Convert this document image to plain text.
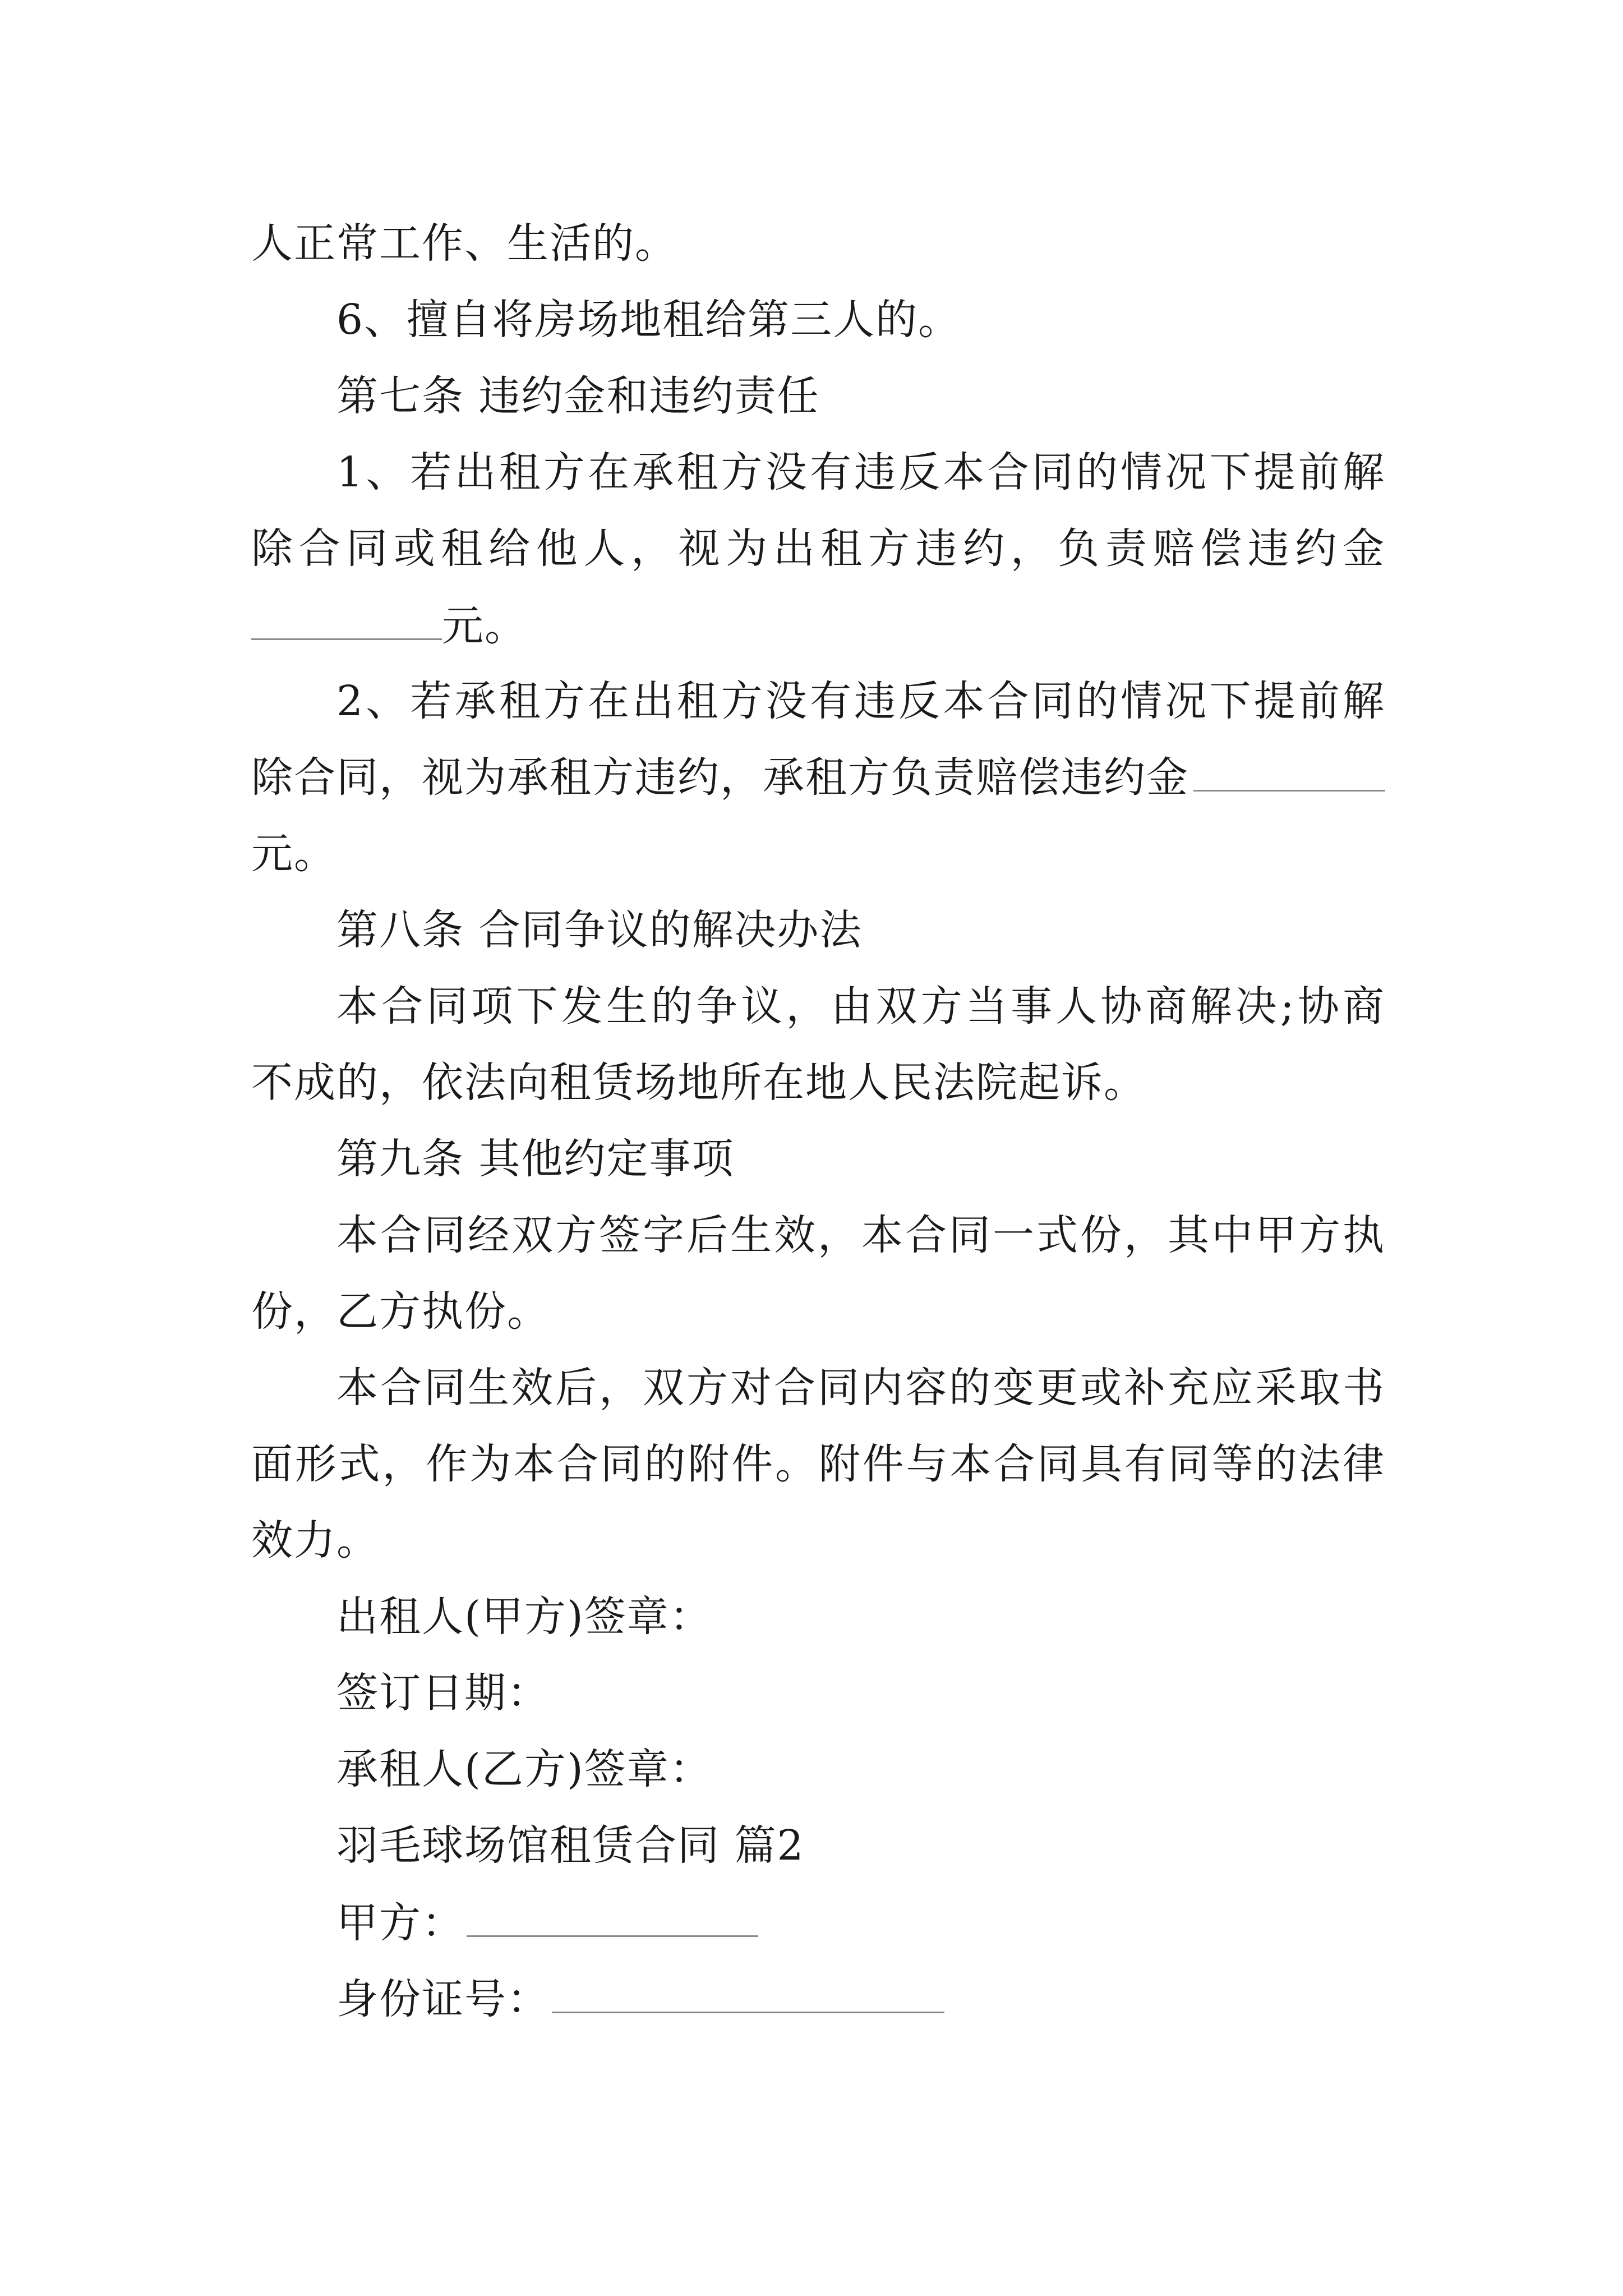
人正常工作、生活的。
6、擅自将房场地租给第三人的。
第七条 违约金和违约责任
1、若出租方在承租方没有违反本合同的情况下提前解
除合同或租给他人，视为出租方违约，负责赔偿违约金
元。
2、若承租方在出租方没有违反本合同的情况下提前解
除合同，视为承租方违约，承租方负责赔偿违约金
元。
第八条 合同争议的解决办法
本合同项下发生的争议，由双方当事人协商解决;协商
不成的，依法向租赁场地所在地人民法院起诉。
第九条 其他约定事项
本合同经双方签字后生效，本合同一式份，其中甲方执
份，乙方执份。
本合同生效后，双方对合同内容的变更或补充应采取书
面形式，作为本合同的附件。附件与本合同具有同等的法律
效力。
出租人(甲方)签章：
签订日期：
承租人(乙方)签章：
羽毛球场馆租赁合同 篇2
甲方：
身份证号：
